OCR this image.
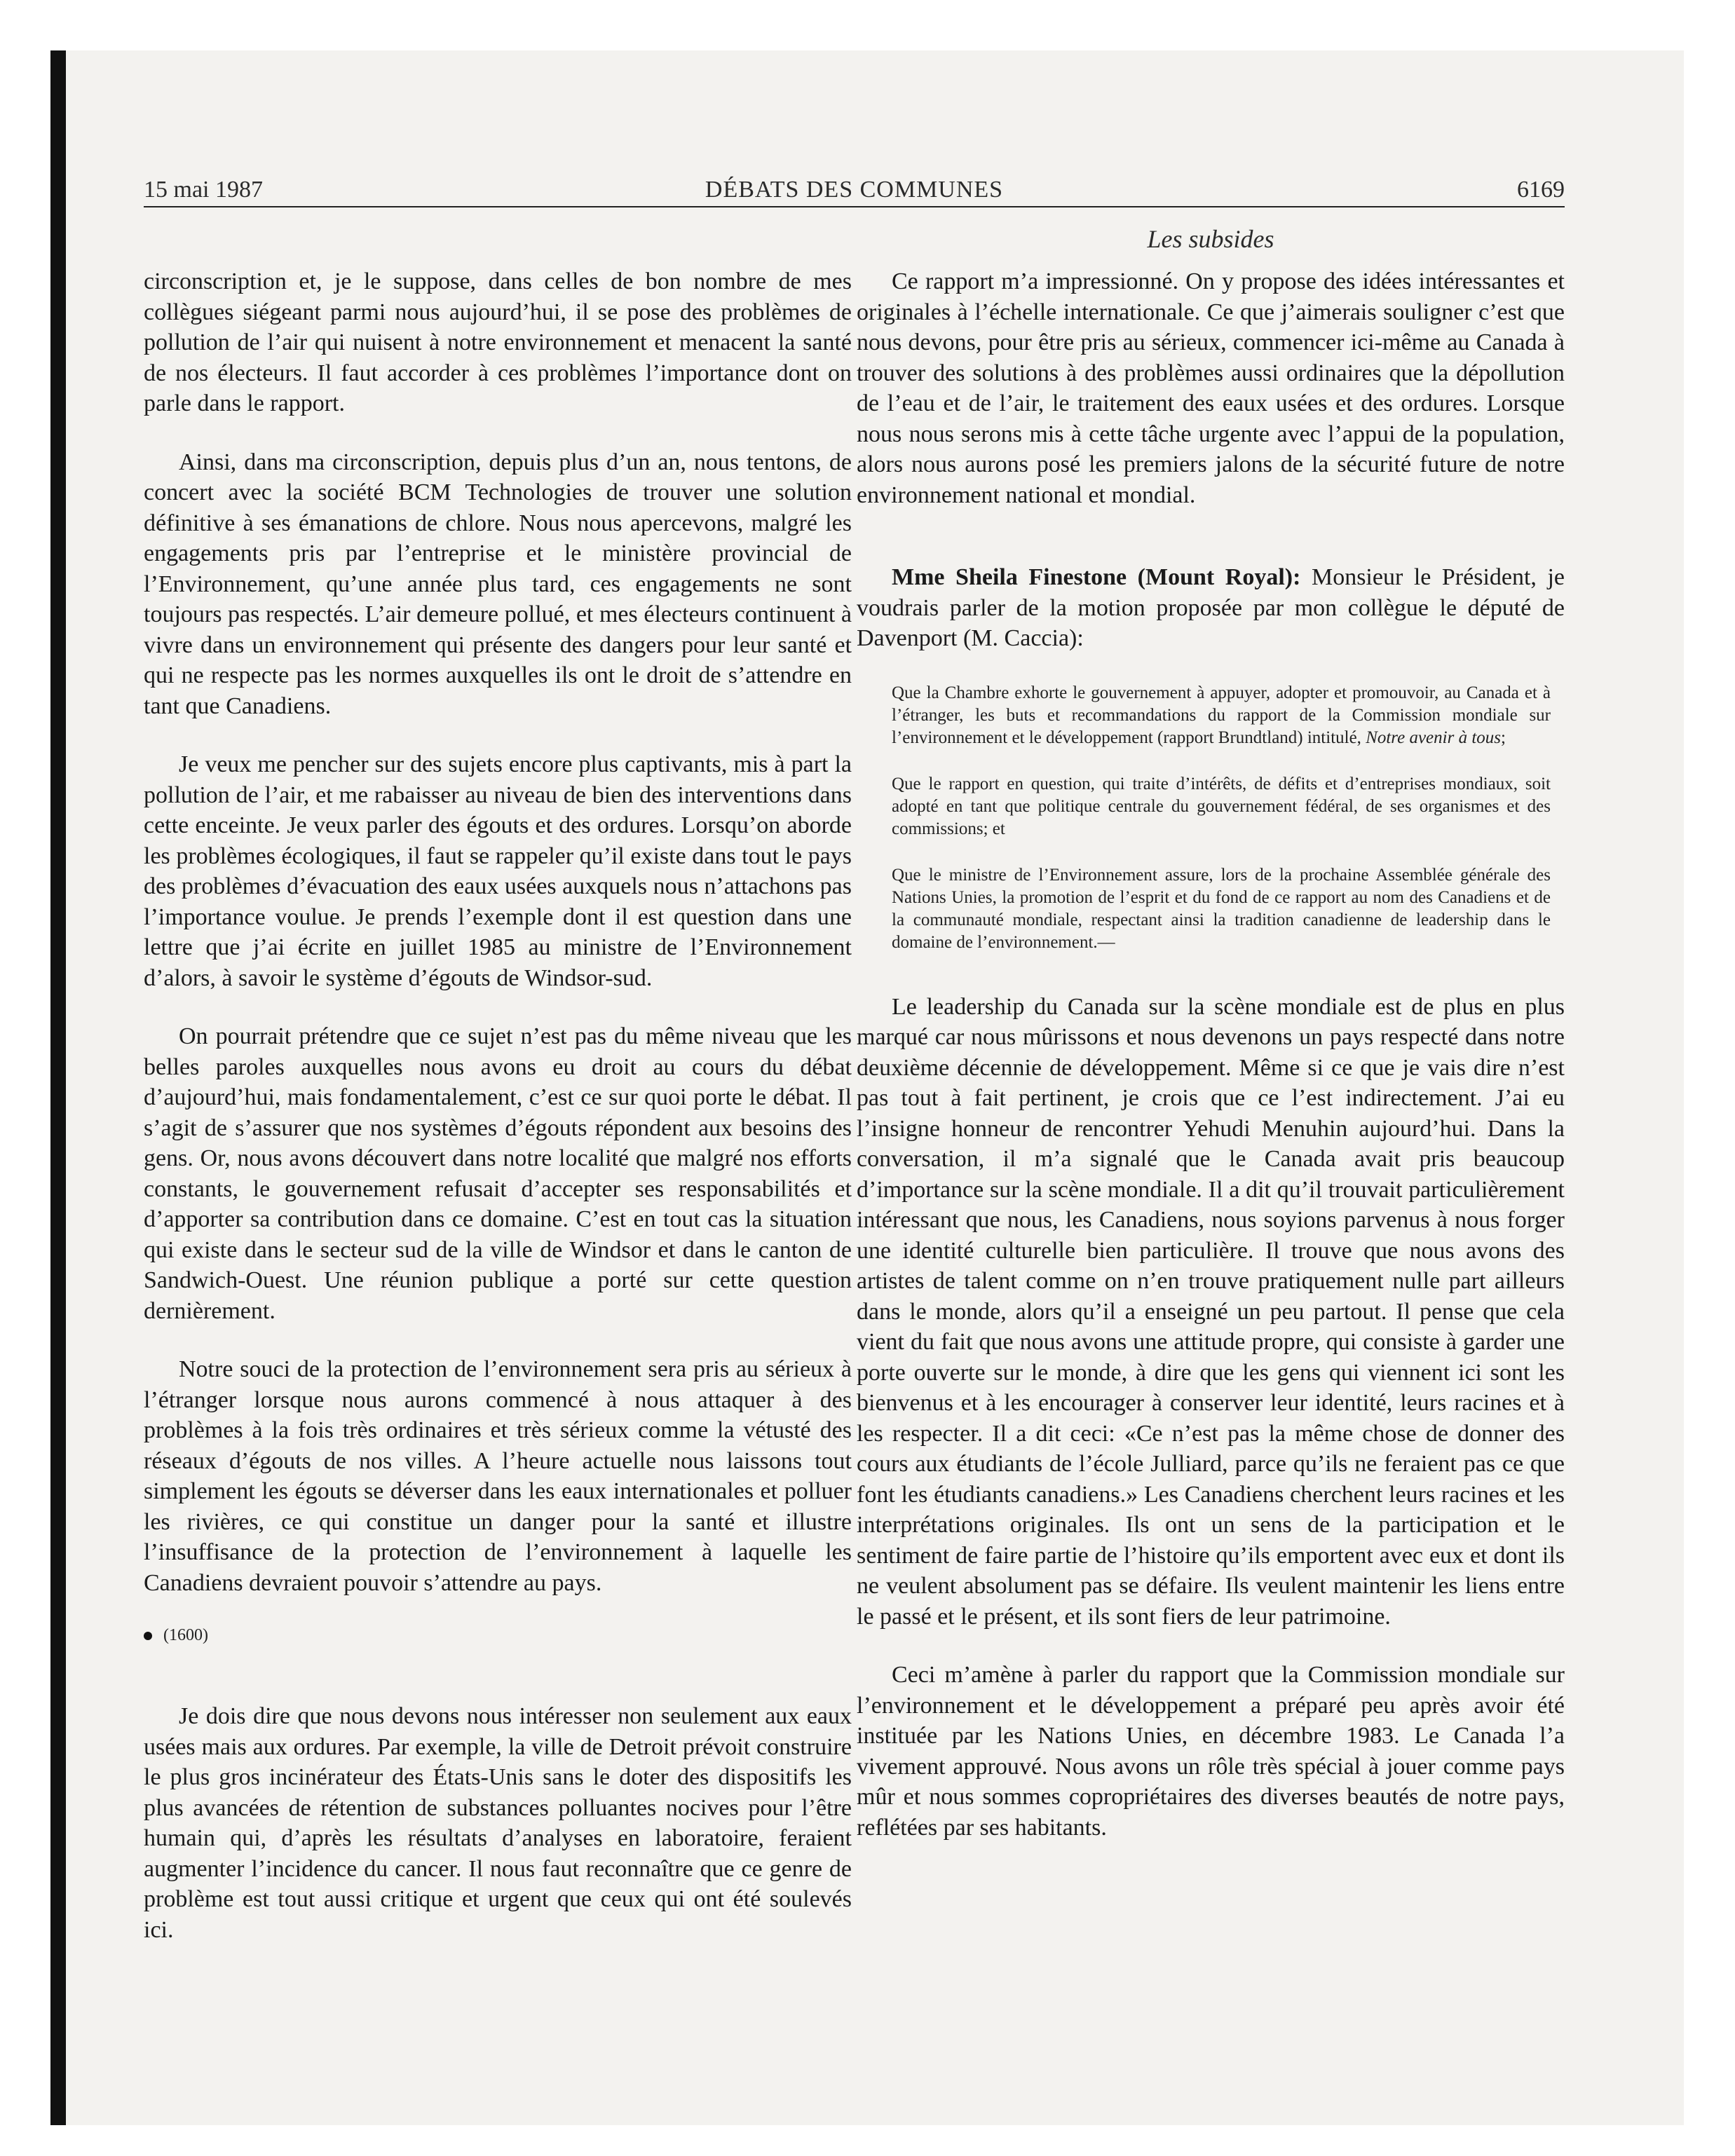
15 mai 1987	DÉBATS DES COMMUNES	6169
Les subsides

circonscription et, je le suppose, dans celles de bon nombre de mes collègues siégeant parmi nous aujourd’hui, il se pose des problèmes de pollution de l’air qui nuisent à notre environnement et menacent la santé de nos électeurs. Il faut accorder à ces problèmes l’importance dont on parle dans le rapport.

Ainsi, dans ma circonscription, depuis plus d’un an, nous tentons, de concert avec la société BCM Technologies de trouver une solution définitive à ses émanations de chlore. Nous nous apercevons, malgré les engagements pris par l’entreprise et le ministère provincial de l’Environnement, qu’une année plus tard, ces engagements ne sont toujours pas respectés. L’air demeure pollué, et mes électeurs continuent à vivre dans un environnement qui présente des dangers pour leur santé et qui ne respecte pas les normes auxquelles ils ont le droit de s’attendre en tant que Canadiens.

Je veux me pencher sur des sujets encore plus captivants, mis à part la pollution de l’air, et me rabaisser au niveau de bien des interventions dans cette enceinte. Je veux parler des égouts et des ordures. Lorsqu’on aborde les problèmes écologiques, il faut se rappeler qu’il existe dans tout le pays des problèmes d’évacuation des eaux usées auxquels nous n’attachons pas l’importance voulue. Je prends l’exemple dont il est question dans une lettre que j’ai écrite en juillet 1985 au ministre de l’Environnement d’alors, à savoir le système d’égouts de Windsor-sud.

On pourrait prétendre que ce sujet n’est pas du même niveau que les belles paroles auxquelles nous avons eu droit au cours du débat d’aujourd’hui, mais fondamentalement, c’est ce sur quoi porte le débat. Il s’agit de s’assurer que nos systèmes d’égouts répondent aux besoins des gens. Or, nous avons découvert dans notre localité que malgré nos efforts constants, le gouvernement refusait d’accepter ses responsabilités et d’apporter sa contribution dans ce domaine. C’est en tout cas la situation qui existe dans le secteur sud de la ville de Windsor et dans le canton de Sandwich-Ouest. Une réunion publique a porté sur cette question dernièrement.

Notre souci de la protection de l’environnement sera pris au sérieux à l’étranger lorsque nous aurons commencé à nous attaquer à des problèmes à la fois très ordinaires et très sérieux comme la vétusté des réseaux d’égouts de nos villes. A l’heure actuelle nous laissons tout simplement les égouts se déverser dans les eaux internationales et polluer les rivières, ce qui constitue un danger pour la santé et illustre l’insuffisance de la protection de l’environnement à laquelle les Canadiens devraient pouvoir s’attendre au pays.

(1600)

Je dois dire que nous devons nous intéresser non seulement aux eaux usées mais aux ordures. Par exemple, la ville de Detroit prévoit construire le plus gros incinérateur des États-Unis sans le doter des dispositifs les plus avancées de rétention de substances polluantes nocives pour l’être humain qui, d’après les résultats d’analyses en laboratoire, feraient augmenter l’incidence du cancer. Il nous faut reconnaître que ce genre de problème est tout aussi critique et urgent que ceux qui ont été soulevés ici.

Ce rapport m’a impressionné. On y propose des idées intéressantes et originales à l’échelle internationale. Ce que j’aimerais souligner c’est que nous devons, pour être pris au sérieux, commencer ici-même au Canada à trouver des solutions à des problèmes aussi ordinaires que la dépollution de l’eau et de l’air, le traitement des eaux usées et des ordures. Lorsque nous nous serons mis à cette tâche urgente avec l’appui de la population, alors nous aurons posé les premiers jalons de la sécurité future de notre environnement national et mondial.

Mme Sheila Finestone (Mount Royal): Monsieur le Président, je voudrais parler de la motion proposée par mon collègue le député de Davenport (M. Caccia):

Que la Chambre exhorte le gouvernement à appuyer, adopter et promouvoir, au Canada et à l’étranger, les buts et recommandations du rapport de la Commission mondiale sur l’environnement et le développement (rapport Brundtland) intitulé, Notre avenir à tous;

Que le rapport en question, qui traite d’intérêts, de défits et d’entreprises mondiaux, soit adopté en tant que politique centrale du gouvernement fédéral, de ses organismes et des commissions; et

Que le ministre de l’Environnement assure, lors de la prochaine Assemblée générale des Nations Unies, la promotion de l’esprit et du fond de ce rapport au nom des Canadiens et de la communauté mondiale, respectant ainsi la tradition canadienne de leadership dans le domaine de l’environnement.—

Le leadership du Canada sur la scène mondiale est de plus en plus marqué car nous mûrissons et nous devenons un pays respecté dans notre deuxième décennie de développement. Même si ce que je vais dire n’est pas tout à fait pertinent, je crois que ce l’est indirectement. J’ai eu l’insigne honneur de rencontrer Yehudi Menuhin aujourd’hui. Dans la conversation, il m’a signalé que le Canada avait pris beaucoup d’importance sur la scène mondiale. Il a dit qu’il trouvait particulièrement intéressant que nous, les Canadiens, nous soyions parvenus à nous forger une identité culturelle bien particulière. Il trouve que nous avons des artistes de talent comme on n’en trouve pratiquement nulle part ailleurs dans le monde, alors qu’il a enseigné un peu partout. Il pense que cela vient du fait que nous avons une attitude propre, qui consiste à garder une porte ouverte sur le monde, à dire que les gens qui viennent ici sont les bienvenus et à les encourager à conserver leur identité, leurs racines et à les respecter. Il a dit ceci: «Ce n’est pas la même chose de donner des cours aux étudiants de l’école Julliard, parce qu’ils ne feraient pas ce que font les étudiants canadiens.» Les Canadiens cherchent leurs racines et les interprétations originales. Ils ont un sens de la participation et le sentiment de faire partie de l’histoire qu’ils emportent avec eux et dont ils ne veulent absolument pas se défaire. Ils veulent maintenir les liens entre le passé et le présent, et ils sont fiers de leur patrimoine.

Ceci m’amène à parler du rapport que la Commission mondiale sur l’environnement et le développement a préparé peu après avoir été instituée par les Nations Unies, en décembre 1983. Le Canada l’a vivement approuvé. Nous avons un rôle très spécial à jouer comme pays mûr et nous sommes copropriétaires des diverses beautés de notre pays, reflétées par ses habitants.
